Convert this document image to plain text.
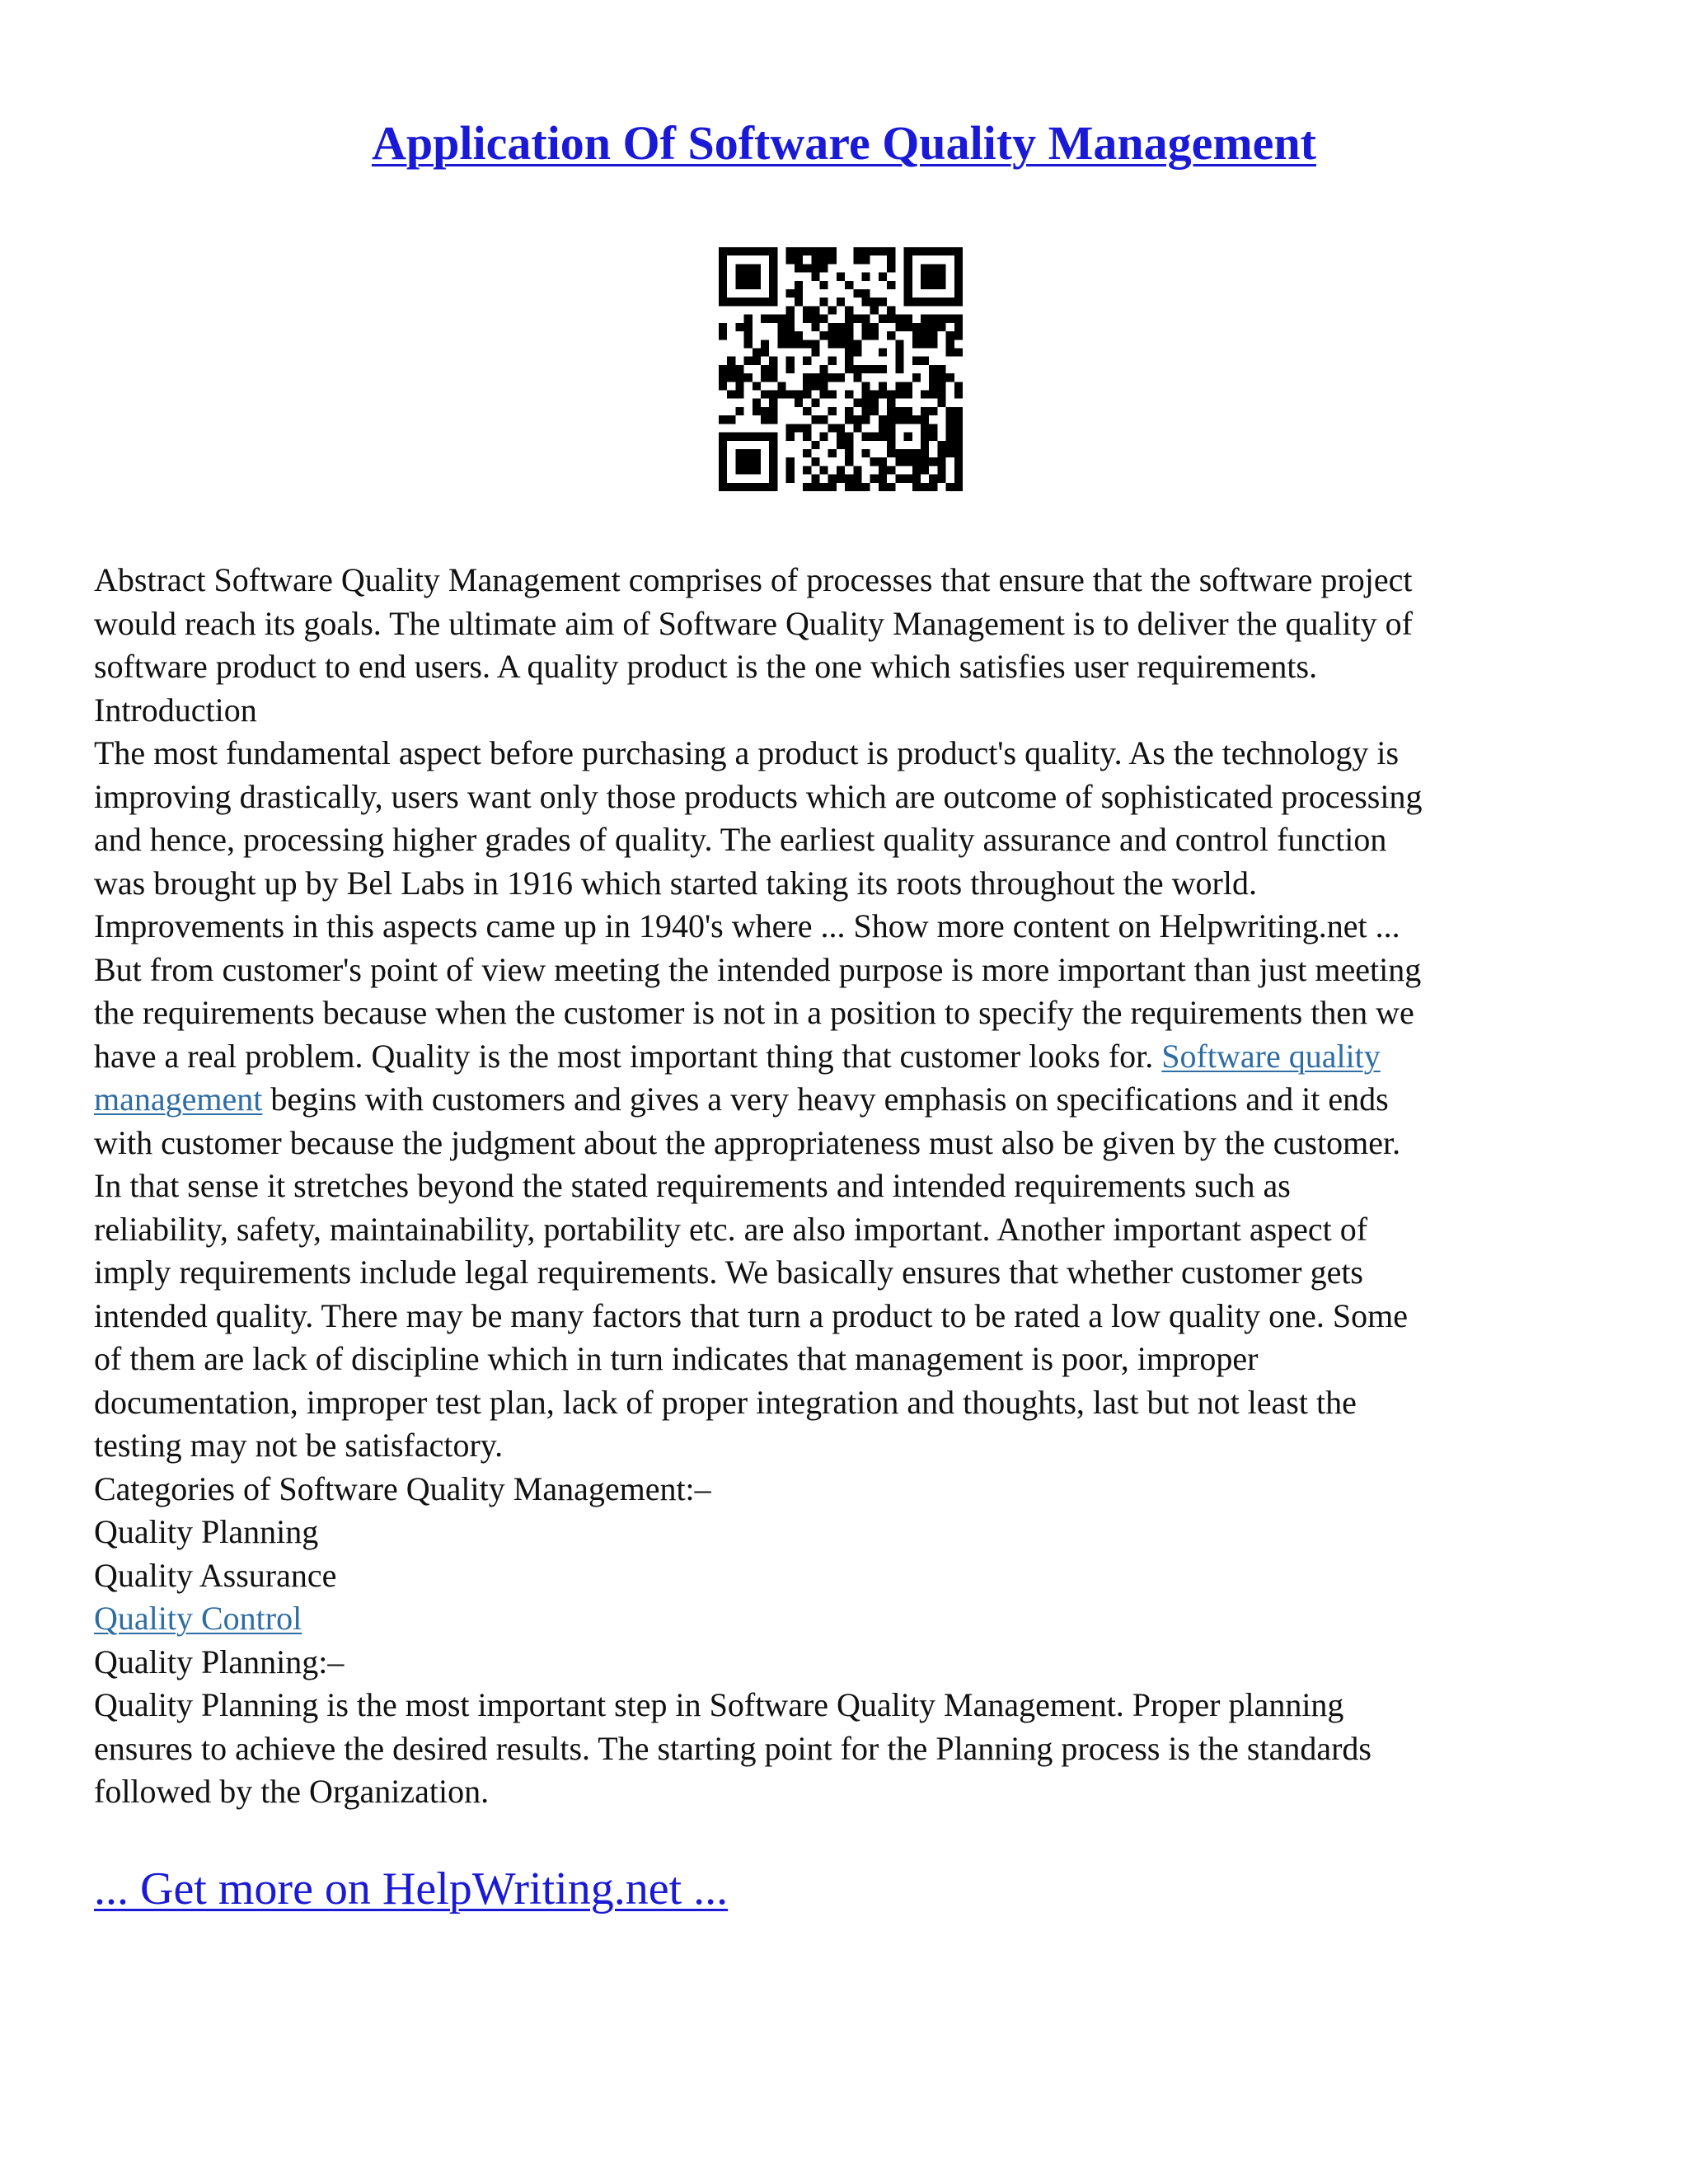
Application Of Software Quality Management
Abstract Software Quality Management comprises of processes that ensure that the software project
would reach its goals. The ultimate aim of Software Quality Management is to deliver the quality of
software product to end users. A quality product is the one which satisfies user requirements.
Introduction
The most fundamental aspect before purchasing a product is product's quality. As the technology is
improving drastically, users want only those products which are outcome of sophisticated processing
and hence, processing higher grades of quality. The earliest quality assurance and control function
was brought up by Bel Labs in 1916 which started taking its roots throughout the world.
Improvements in this aspects came up in 1940's where ... Show more content on Helpwriting.net ...
But from customer's point of view meeting the intended purpose is more important than just meeting
the requirements because when the customer is not in a position to specify the requirements then we
have a real problem. Quality is the most important thing that customer looks for. Software quality
management begins with customers and gives a very heavy emphasis on specifications and it ends
with customer because the judgment about the appropriateness must also be given by the customer.
In that sense it stretches beyond the stated requirements and intended requirements such as
reliability, safety, maintainability, portability etc. are also important. Another important aspect of
imply requirements include legal requirements. We basically ensures that whether customer gets
intended quality. There may be many factors that turn a product to be rated a low quality one. Some
of them are lack of discipline which in turn indicates that management is poor, improper
documentation, improper test plan, lack of proper integration and thoughts, last but not least the
testing may not be satisfactory.
Categories of Software Quality Management:–
Quality Planning
Quality Assurance
Quality Control
Quality Planning:–
Quality Planning is the most important step in Software Quality Management. Proper planning
ensures to achieve the desired results. The starting point for the Planning process is the standards
followed by the Organization.
... Get more on HelpWriting.net ...
